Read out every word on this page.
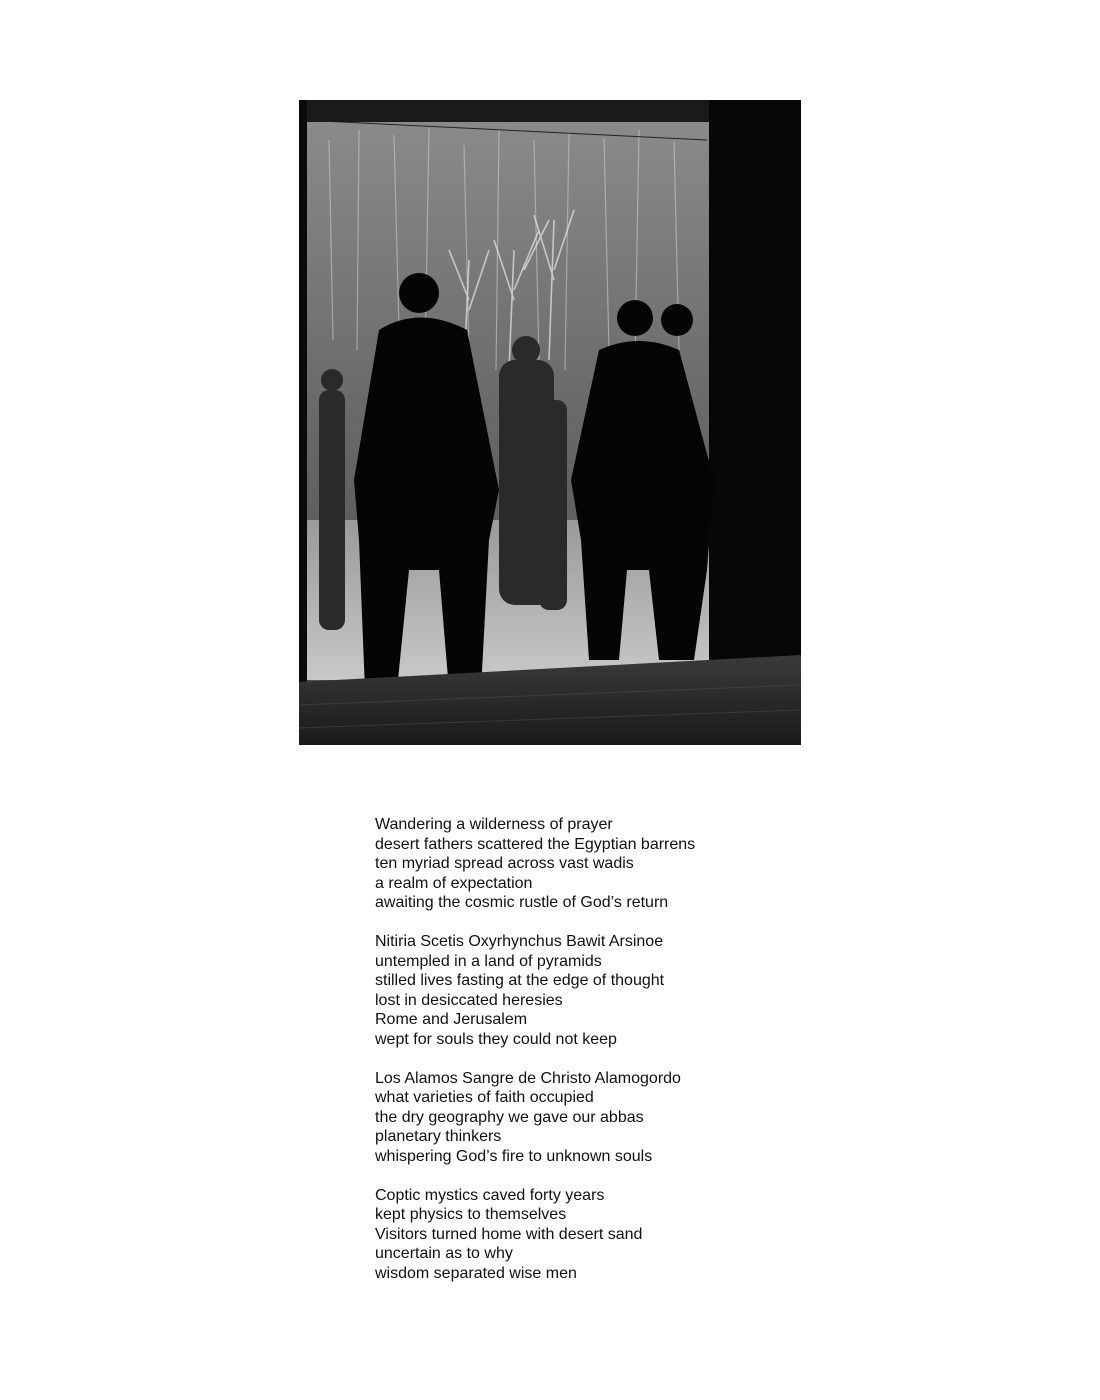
Wandering a wilderness of prayer
desert fathers scattered the Egyptian barrens
ten myriad spread across vast wadis
a realm of expectation
awaiting the cosmic rustle of God’s return
Nitiria Scetis Oxyrhynchus Bawit Arsinoe
untempled in a land of pyramids
stilled lives fasting at the edge of thought
lost in desiccated heresies
Rome and Jerusalem
wept for souls they could not keep
Los Alamos Sangre de Christo Alamogordo
what varieties of faith occupied
the dry geography we gave our abbas
planetary thinkers
whispering God’s fire to unknown souls
Coptic mystics caved forty years
kept physics to themselves
Visitors turned home with desert sand
uncertain as to why
wisdom separated wise men
